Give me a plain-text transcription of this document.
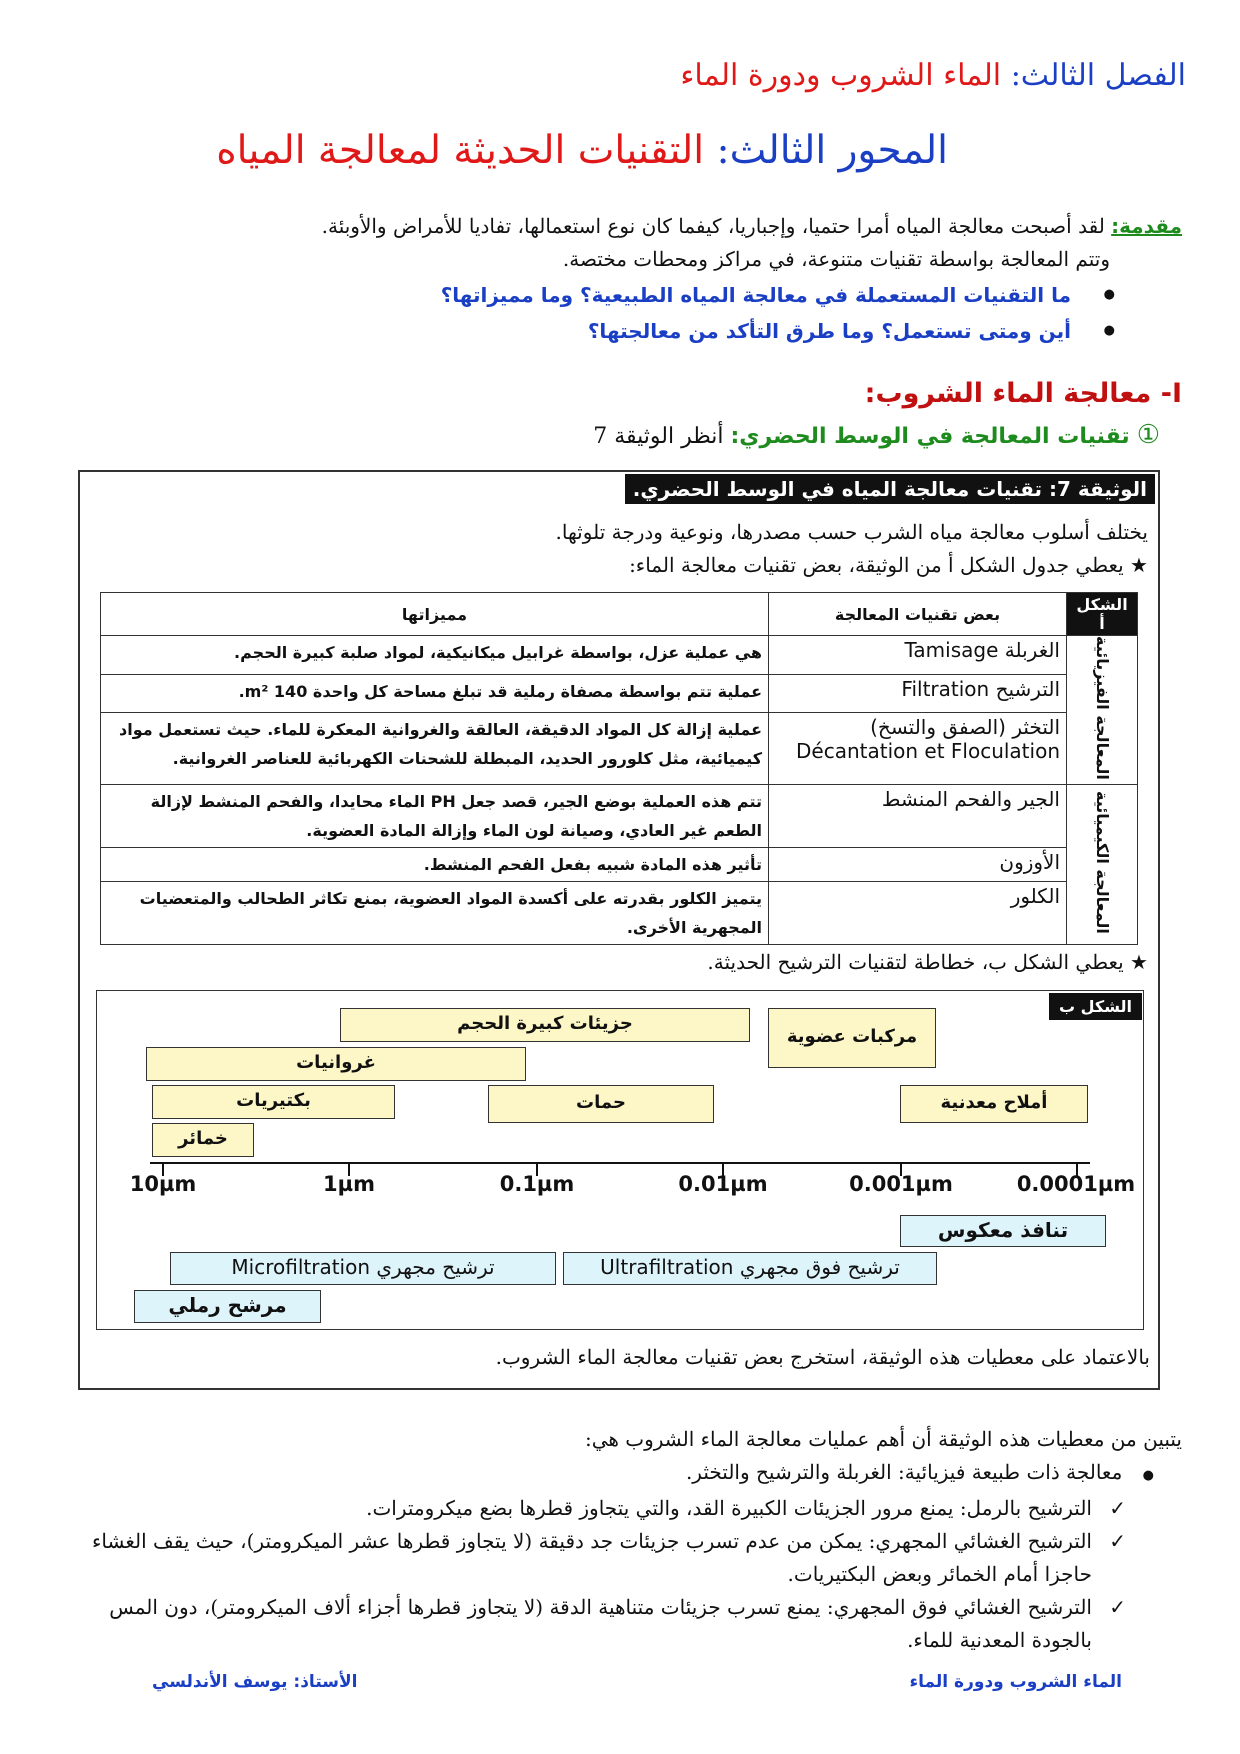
الفصل الثالث: الماء الشروب ودورة الماء
المحور الثالث: التقنيات الحديثة لمعالجة المياه
مقدمة: لقد أصبحت معالجة المياه أمرا حتميا، وإجباريا، كيفما كان نوع استعمالها، تفاديا للأمراض والأوبئة.
وتتم المعالجة بواسطة تقنيات متنوعة، في مراكز ومحطات مختصة.
● ما التقنيات المستعملة في معالجة المياه الطبيعية؟ وما مميزاتها؟
● أين ومتى تستعمل؟ وما طرق التأكد من معالجتها؟
I- معالجة الماء الشروب:
① تقنيات المعالجة في الوسط الحضري: أنظر الوثيقة 7
الوثيقة 7: تقنيات معالجة المياه في الوسط الحضري.
يختلف أسلوب معالجة مياه الشرب حسب مصدرها، ونوعية ودرجة تلوثها.
★ يعطي جدول الشكل أ من الوثيقة، بعض تقنيات معالجة الماء:
الشكل أ	بعض تقنيات المعالجة	مميزاتها
المعالجة الفيزيائية	الغربلة Tamisage	هي عملية عزل، بواسطة غرابيل ميكانيكية، لمواد صلبة كبيرة الحجم.
	الترشيح Filtration	عملية تتم بواسطة مصفاة رملية قد تبلغ مساحة كل واحدة 140 m².
	التخثر (الصفق والتسخ) Décantation et Floculation	عملية إزالة كل المواد الدقيقة، العالقة والغروانية المعكرة للماء. حيث تستعمل مواد كيميائية، مثل كلورور الحديد، المبطلة للشحنات الكهربائية للعناصر الغروانية.
المعالجة الكيميائية	الجير والفحم المنشط	تتم هذه العملية بوضع الجير، قصد جعل PH الماء محايدا، والفحم المنشط لإزالة الطعم غير العادي، وصيانة لون الماء وإزالة المادة العضوية.
	الأوزون	تأثير هذه المادة شبيه بفعل الفحم المنشط.
	الكلور	يتميز الكلور بقدرته على أكسدة المواد العضوية، بمنع تكاثر الطحالب والمتعضيات المجهرية الأخرى.
★ يعطي الشكل ب، خطاطة لتقنيات الترشيح الحديثة.
الشكل ب
جزيئات كبيرة الحجم
مركبات عضوية
غروانيات
بكتيريات	حمات	أملاح معدنية
خمائر
10µm	1µm	0.1µm	0.01µm	0.001µm	0.0001µm
تنافذ معكوس
ترشيح مجهري Microfiltration	ترشيح فوق مجهري Ultrafiltration
مرشح رملي
بالاعتماد على معطيات هذه الوثيقة، استخرج بعض تقنيات معالجة الماء الشروب.
يتبين من معطيات هذه الوثيقة أن أهم عمليات معالجة الماء الشروب هي:
● معالجة ذات طبيعة فيزيائية: الغربلة والترشيح والتخثر.
✓ الترشيح بالرمل: يمنع مرور الجزيئات الكبيرة القد، والتي يتجاوز قطرها بضع ميكرومترات.
✓ الترشيح الغشائي المجهري: يمكن من عدم تسرب جزيئات جد دقيقة (لا يتجاوز قطرها عشر الميكرومتر)، حيث يقف الغشاء حاجزا أمام الخمائر وبعض البكتيريات.
✓ الترشيح الغشائي فوق المجهري: يمنع تسرب جزيئات متناهية الدقة (لا يتجاوز قطرها أجزاء ألاف الميكرومتر)، دون المس بالجودة المعدنية للماء.
الماء الشروب ودورة الماء
الأستاذ: يوسف الأندلسي
